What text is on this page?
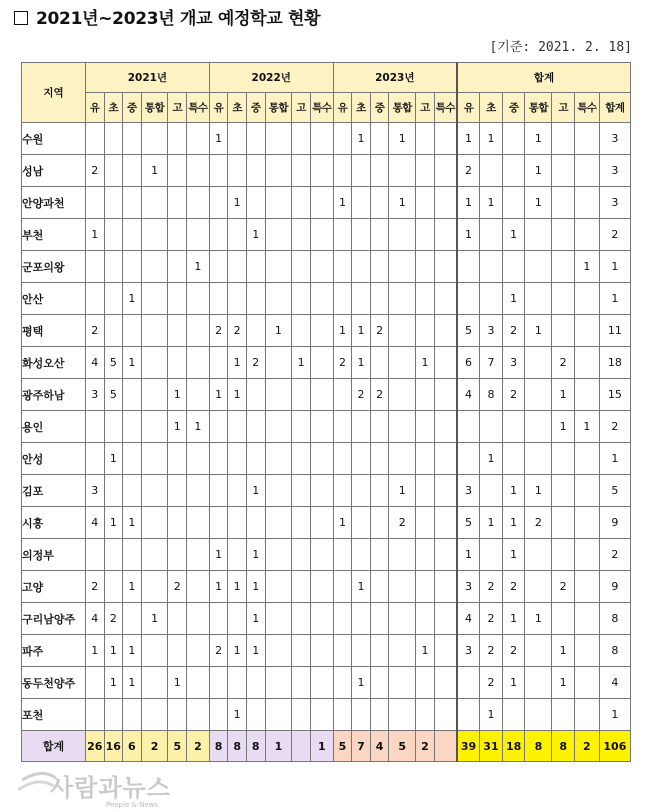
2021년~2023년 개교 예정학교 현황
[기준: 2021. 2. 18]
지역	2021년						2022년						2023년						합계						
	유	초	중	통합	고	특수	유	초	중	통합	고	특수	유	초	중	통합	고	특수	유	초	중	통합	고	특수	합계
수원							1							1		1			1	1		1			3
성남	2			1															2			1			3
안양과천								1					1			1			1	1		1			3
부천	1								1										1		1				2
군포의왕						1																		1	1
안산			1																		1				1
평택	2						2	2		1			1	1	2				5	3	2	1			11
화성오산	4	5	1					1	2		1		2	1			1		6	7	3		2		18
광주하남	3	5			1		1	1						2	2				4	8	2		1		15
용인					1	1																	1	1	2
안성		1																		1					1
김포	3								1							1			3		1	1			5
시흥	4	1	1										1			2			5	1	1	2			9
의정부							1		1										1		1				2
고양	2		1		2		1	1	1					1					3	2	2		2		9
구리남양주	4	2		1					1										4	2	1	1			8
파주	1	1	1				2	1	1								1		3	2	2		1		8
동두천양주		1	1		1									1						2	1		1		4
포천								1												1					1
합계	26	16	6	2	5	2	8	8	8	1		1	5	7	4	5	2		39	31	18	8	8	2	106
사람과뉴스
People & News
